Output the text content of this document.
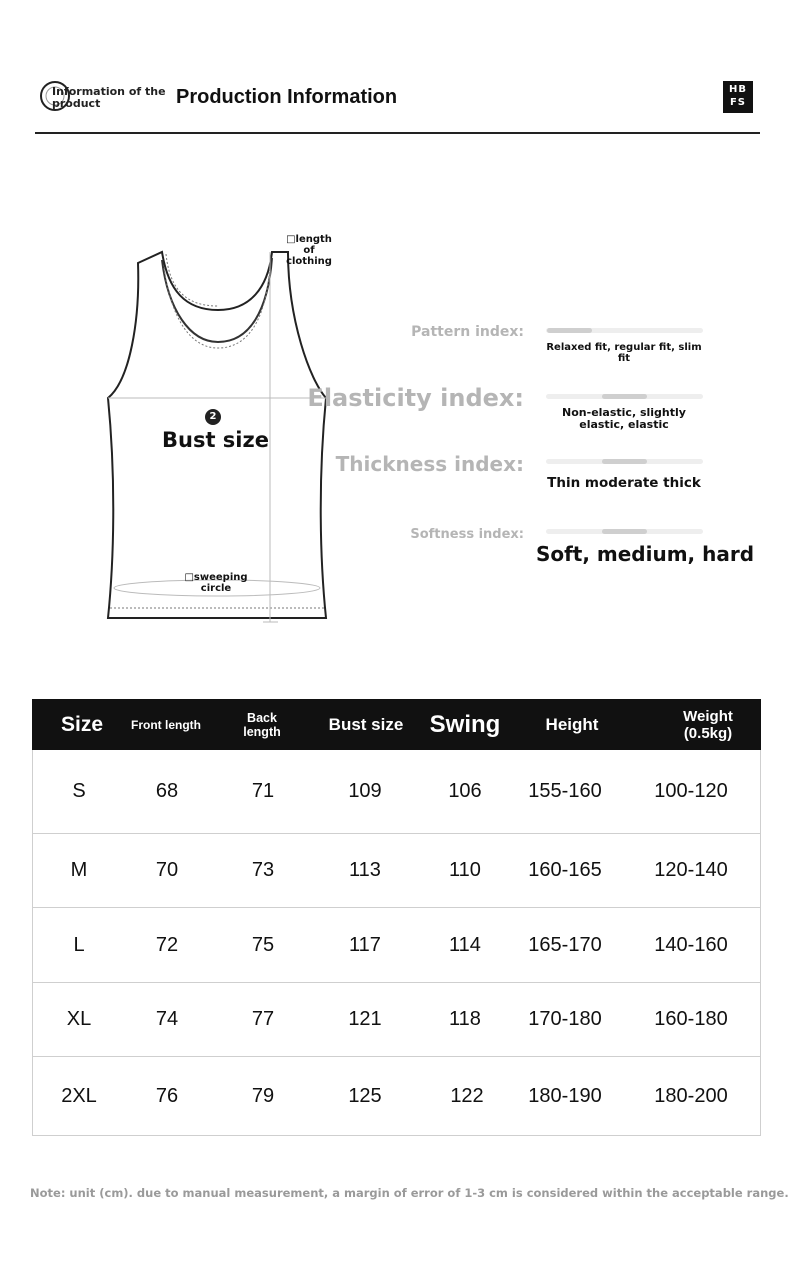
Information of the product	Production Information	HB
FS
□length of clothing
2
Bust size
□sweeping circle
Pattern index:
Relaxed fit, regular fit, slim fit
Elasticity index:
Non-elastic, slightly elastic, elastic
Thickness index:
Thin moderate thick
Softness index:
Soft, medium, hard
Size	Front length	Back length	Bust size	Swing	Height	Weight (0.5kg)
S	68	71	109	106	155-160	100-120
M	70	73	113	110	160-165	120-140
L	72	75	117	114	165-170	140-160
XL	74	77	121	118	170-180	160-180
2XL	76	79	125	122	180-190	180-200
Note: unit (cm). due to manual measurement, a margin of error of 1-3 cm is considered within the acceptable range.
